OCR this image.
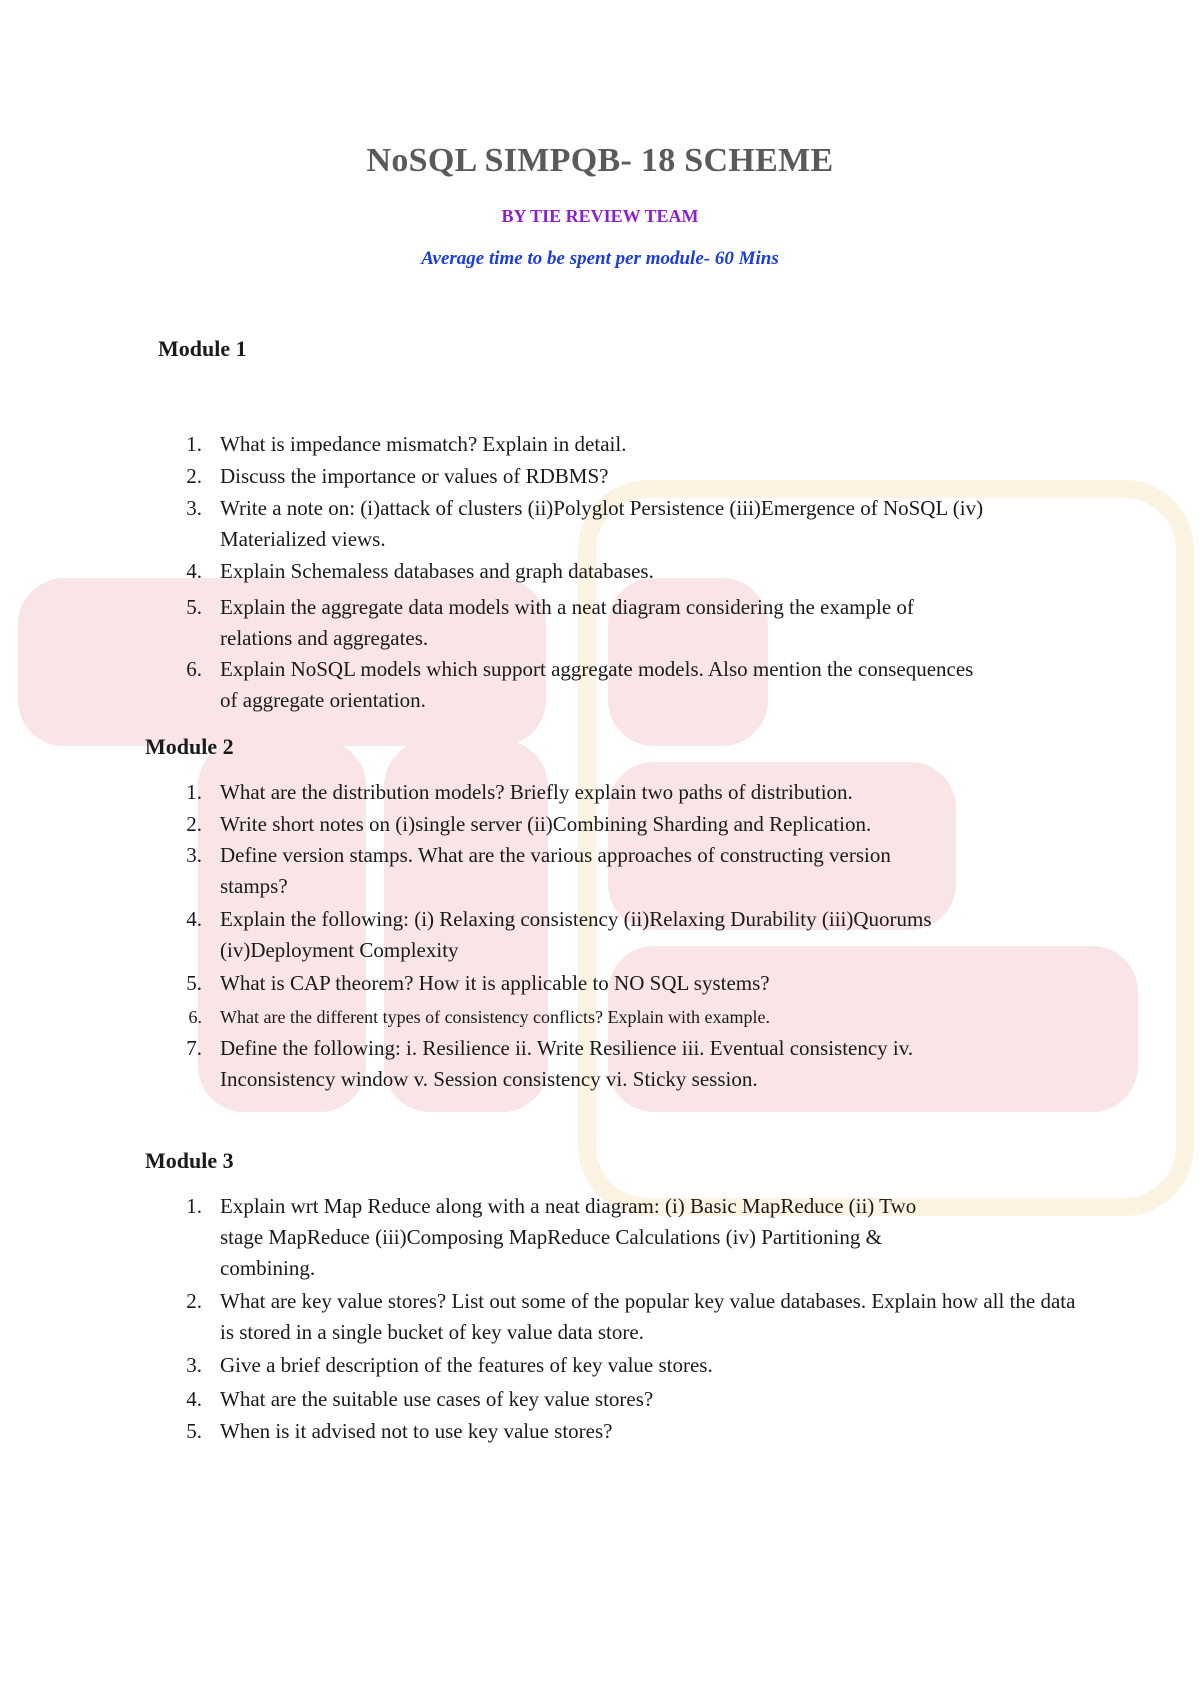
NoSQL SIMPQB- 18 SCHEME
BY TIE REVIEW TEAM
Average time to be spent per module- 60 Mins
Module 1
1. What is impedance mismatch? Explain in detail.
2. Discuss the importance or values of RDBMS?
3. Write a note on: (i)attack of clusters (ii)Polyglot Persistence (iii)Emergence of NoSQL (iv) Materialized views.
4. Explain Schemaless databases and graph databases.
5. Explain the aggregate data models with a neat diagram considering the example of relations and aggregates.
6. Explain NoSQL models which support aggregate models. Also mention the consequences of aggregate orientation.
Module 2
1. What are the distribution models? Briefly explain two paths of distribution.
2. Write short notes on (i)single server (ii)Combining Sharding and Replication.
3. Define version stamps. What are the various approaches of constructing version stamps?
4. Explain the following: (i) Relaxing consistency (ii)Relaxing Durability (iii)Quorums (iv)Deployment Complexity
5. What is CAP theorem? How it is applicable to NO SQL systems?
6. What are the different types of consistency conflicts? Explain with example.
7. Define the following: i. Resilience ii. Write Resilience iii. Eventual consistency iv. Inconsistency window v. Session consistency vi. Sticky session.
Module 3
1. Explain wrt Map Reduce along with a neat diagram: (i) Basic MapReduce (ii) Two stage MapReduce (iii)Composing MapReduce Calculations (iv) Partitioning & combining.
2. What are key value stores? List out some of the popular key value databases. Explain how all the data is stored in a single bucket of key value data store.
3. Give a brief description of the features of key value stores.
4. What are the suitable use cases of key value stores?
5. When is it advised not to use key value stores?
